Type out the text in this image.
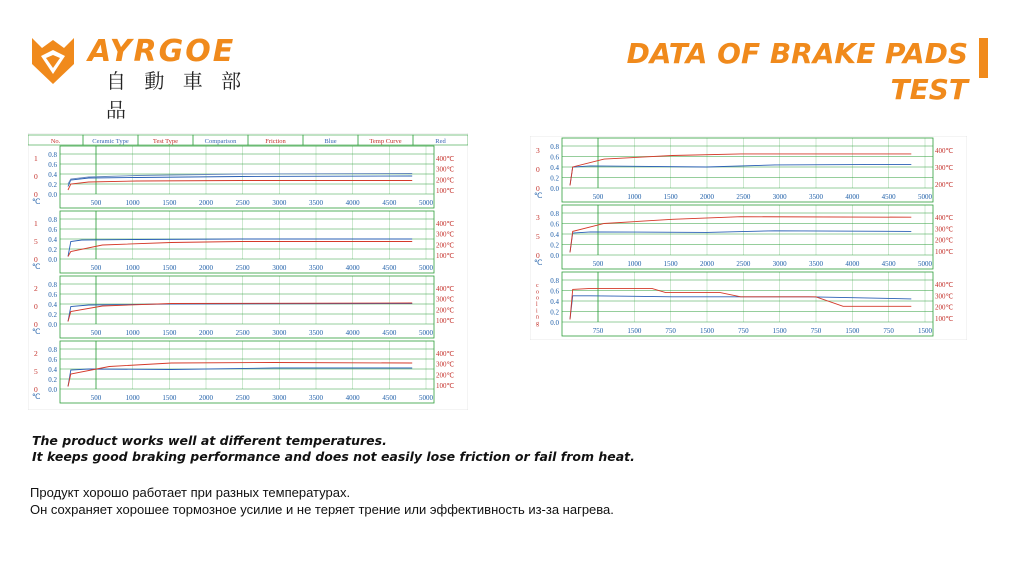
AYRGOE
自 動 車 部 品
DATA OF BRAKE PADS
TEST
No.	Ceramic Type	Test Type	Comparison	Friction	Blue	Temp Curve	Red
0.8
0.6
0.4
0.2
0.0
500	1000	1500	2000	2500	3000	3500	4000	4500	5000
400℃
300℃
200℃
100℃
1
0
0
℃
0.8
0.6
0.4
0.2
0.0
500	1000	1500	2000	2500	3000	3500	4000	4500	5000
400℃
300℃
200℃
100℃
1
5
0
℃
0.8
0.6
0.4
0.2
0.0
500	1000	1500	2000	2500	3000	3500	4000	4500	5000
400℃
300℃
200℃
100℃
2
0
0
℃
0.8
0.6
0.4
0.2
0.0
500	1000	1500	2000	2500	3000	3500	4000	4500	5000
400℃
300℃
200℃
100℃
2
5
0
℃
0.8
0.6
0.4
0.2
0.0
500	1000	1500	2000	2500	3000	3500	4000	4500	5000
400℃
300℃
200℃
3
0
0
℃
0.8
0.6
0.4
0.2
0.0
500	1000	1500	2000	2500	3000	3500	4000	4500	5000
400℃
300℃
200℃
100℃
3
5
0
℃
0.8
0.6
0.4
0.2
0.0
750	1500	750	1500	750	1500	750	1500	750	1500
400℃
300℃
200℃
100℃
c
o
o
l
i
n
g
The product works well at different temperatures.
It keeps good braking performance and does not easily lose friction or fail from heat.
Продукт хорошо работает при разных температурах.
Он сохраняет хорошее тормозное усилие и не теряет трение или эффективность из-за нагрева.
